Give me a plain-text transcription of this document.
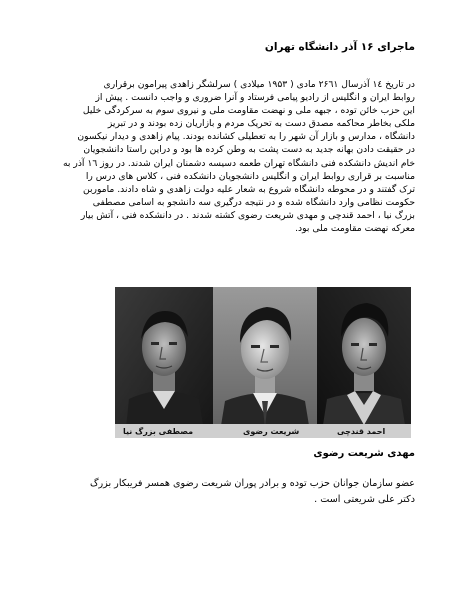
ماجرای ۱۶ آذر دانشگاه تهران
در تاریخ ۱٤ آذرسال ۲۶٦۱ مادی ( ۱۹۵۳ میلادی ) سرلشگر زاهدی پیرامون برقراری
روابط ایران و انگلیس از رادیو پیامی فرستاد و آنرا ضروری و واجب دانست . پیش از
این حزب خائن توده ، جبهه ملی و نهضت مقاومت ملی و نیروی سوم به سرکردگی خلیل
ملکی بخاطر محاکمه مصدق دست به تحریک مردم و بازاریان زده بودند و در تبریز
دانشگاه ، مدارس و بازار آن شهر را به تعطیلی کشانده بودند. پیام زاهدی و دیدار نیکسون
در حقیقت دادن بهانه جدید به دست پشت به وطن کرده ها بود و دراین راستا دانشجویان
خام اندیش دانشکده فنی دانشگاه تهران طعمه دسیسه دشمنان ایران شدند. در روز ۱٦ آذر به
مناسبت بر قراری روابط ایران و انگلیس دانشجویان دانشکده فنی ، کلاس های درس را
ترک گفتند و در محوطه دانشگاه شروع به شعار علیه دولت زاهدی و شاه دادند. ماموربن
حکومت نظامی وارد دانشگاه شده و در نتیجه درگیری سه دانشجو به اسامی مصطفی
بزرگ نیا ، احمد قندچی و مهدی شریعت رضوی کشته شدند . در دانشکده فنی ، آتش بیار
معرکه نهضت مقاومت ملی بود.
مصطفی بزرگ نیا	شریعت رضوی	احمد قندچی
مهدی شریعت رضوی
عضو سازمان جوانان حزب توده و برادر پوران شریعت رضوی همسر فریبکار بزرگ
دکتر علی شریعتی است .
